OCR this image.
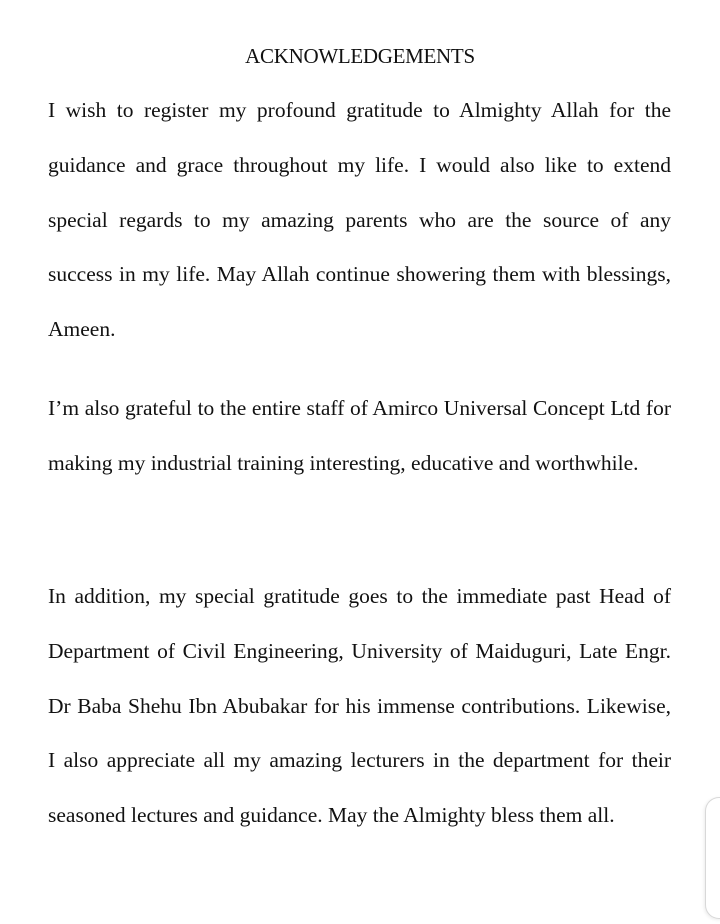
ACKNOWLEDGEMENTS

I wish to register my profound gratitude to Almighty Allah for the guidance and grace throughout my life. I would also like to extend special regards to my amazing parents who are the source of any success in my life. May Allah continue showering them with blessings, Ameen.

I’m also grateful to the entire staff of Amirco Universal Concept Ltd for making my industrial training interesting, educative and worthwhile.

In addition, my special gratitude goes to the immediate past Head of Department of Civil Engineering, University of Maiduguri, Late Engr. Dr Baba Shehu Ibn Abubakar for his immense contributions. Likewise, I also appreciate all my amazing lecturers in the department for their seasoned lectures and guidance. May the Almighty bless them all.
